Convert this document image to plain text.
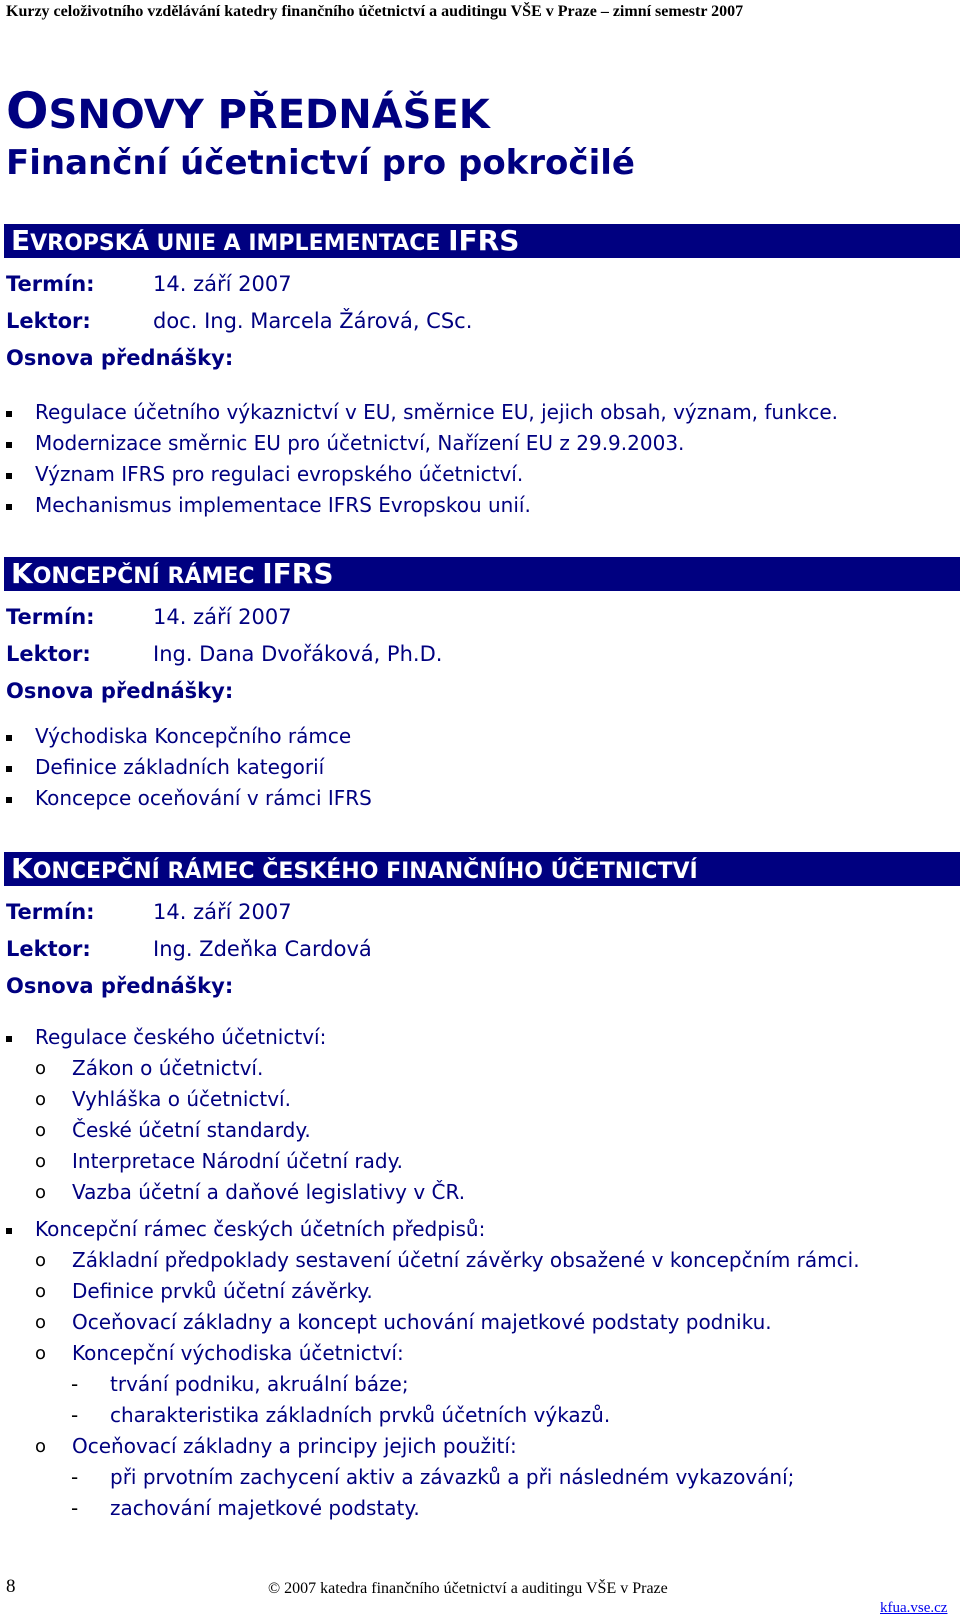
Kurzy celoživotního vzdělávání katedry finančního účetnictví a auditingu VŠE v Praze – zimní semestr 2007
OSNOVY PŘEDNÁŠEK
Finanční účetnictví pro pokročilé
EVROPSKÁ UNIE A IMPLEMENTACE IFRS
Termín:	14. září 2007
Lektor:	doc. Ing. Marcela Žárová, CSc.
Osnova přednášky:
Regulace účetního výkaznictví v EU, směrnice EU, jejich obsah, význam, funkce.
Modernizace směrnic EU pro účetnictví, Nařízení EU z 29.9.2003.
Význam IFRS pro regulaci evropského účetnictví.
Mechanismus implementace IFRS Evropskou unií.
KONCEPČNÍ RÁMEC IFRS
Termín:	14. září 2007
Lektor:	Ing. Dana Dvořáková, Ph.D.
Osnova přednášky:
Východiska Koncepčního rámce
Definice základních kategorií
Koncepce oceňování v rámci IFRS
KONCEPČNÍ RÁMEC ČESKÉHO FINANČNÍHO ÚČETNICTVÍ
Termín:	14. září 2007
Lektor:	Ing. Zdeňka Cardová
Osnova přednášky:
Regulace českého účetnictví:
o Zákon o účetnictví.
o Vyhláška o účetnictví.
o České účetní standardy.
o Interpretace Národní účetní rady.
o Vazba účetní a daňové legislativy v ČR.
Koncepční rámec českých účetních předpisů:
o Základní předpoklady sestavení účetní závěrky obsažené v koncepčním rámci.
o Definice prvků účetní závěrky.
o Oceňovací základny a koncept uchování majetkové podstaty podniku.
o Koncepční východiska účetnictví:
- trvání podniku, akruální báze;
- charakteristika základních prvků účetních výkazů.
o Oceňovací základny a principy jejich použití:
- při prvotním zachycení aktiv a závazků a při následném vykazování;
- zachování majetkové podstaty.
8	© 2007 katedra finančního účetnictví a auditingu VŠE v Praze
kfua.vse.cz
